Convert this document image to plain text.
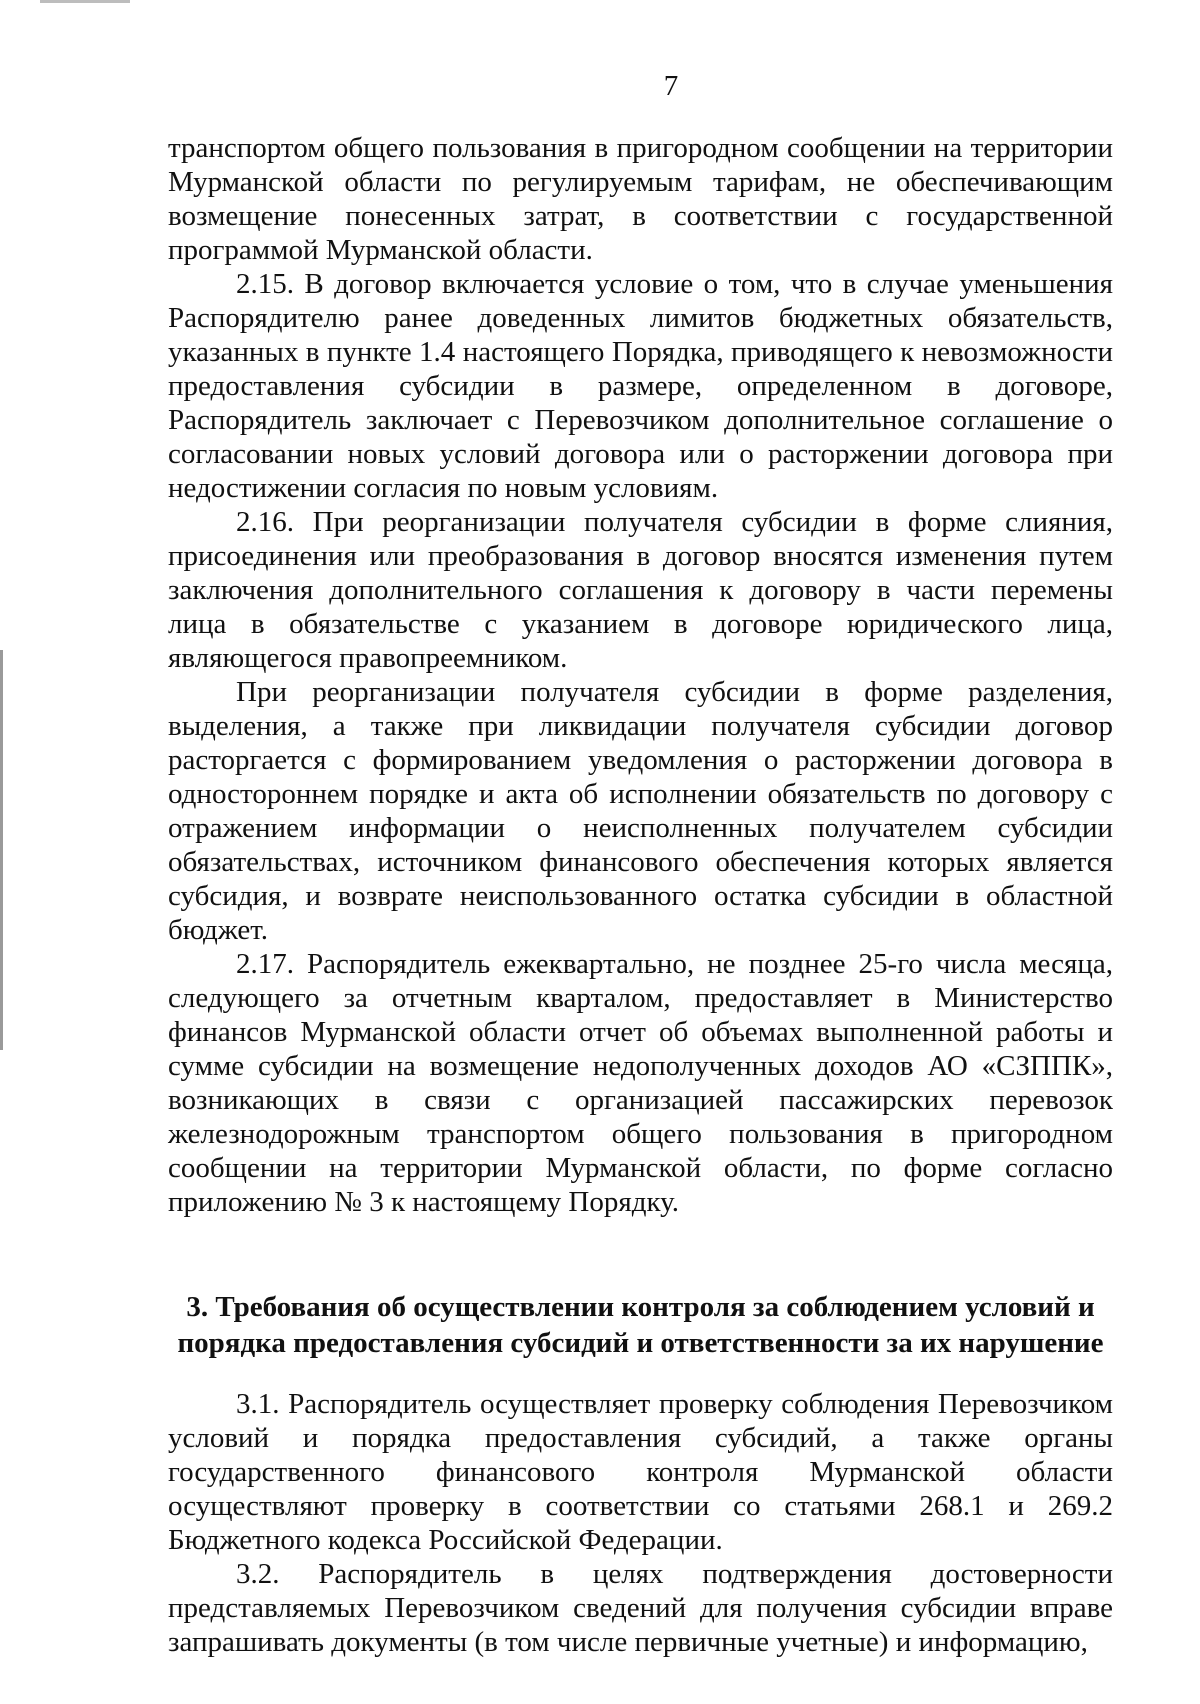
7

транспортом общего пользования в пригородном сообщении на территории Мурманской области по регулируемым тарифам, не обеспечивающим возмещение понесенных затрат, в соответствии с государственной программой Мурманской области.

2.15. В договор включается условие о том, что в случае уменьшения Распорядителю ранее доведенных лимитов бюджетных обязательств, указанных в пункте 1.4 настоящего Порядка, приводящего к невозможности предоставления субсидии в размере, определенном в договоре, Распорядитель заключает с Перевозчиком дополнительное соглашение о согласовании новых условий договора или о расторжении договора при недостижении согласия по новым условиям.

2.16. При реорганизации получателя субсидии в форме слияния, присоединения или преобразования в договор вносятся изменения путем заключения дополнительного соглашения к договору в части перемены лица в обязательстве с указанием в договоре юридического лица, являющегося правопреемником.

При реорганизации получателя субсидии в форме разделения, выделения, а также при ликвидации получателя субсидии договор расторгается с формированием уведомления о расторжении договора в одностороннем порядке и акта об исполнении обязательств по договору с отражением информации о неисполненных получателем субсидии обязательствах, источником финансового обеспечения которых является субсидия, и возврате неиспользованного остатка субсидии в областной бюджет.

2.17. Распорядитель ежеквартально, не позднее 25-го числа месяца, следующего за отчетным кварталом, предоставляет в Министерство финансов Мурманской области отчет об объемах выполненной работы и сумме субсидии на возмещение недополученных доходов АО «СЗППК», возникающих в связи с организацией пассажирских перевозок железнодорожным транспортом общего пользования в пригородном сообщении на территории Мурманской области, по форме согласно приложению № 3 к настоящему Порядку.

3. Требования об осуществлении контроля за соблюдением условий и
порядка предоставления субсидий и ответственности за их нарушение

3.1. Распорядитель осуществляет проверку соблюдения Перевозчиком условий и порядка предоставления субсидий, а также органы государственного финансового контроля Мурманской области осуществляют проверку в соответствии со статьями 268.1 и 269.2 Бюджетного кодекса Российской Федерации.

3.2. Распорядитель в целях подтверждения достоверности представляемых Перевозчиком сведений для получения субсидии вправе запрашивать документы (в том числе первичные учетные) и информацию,
